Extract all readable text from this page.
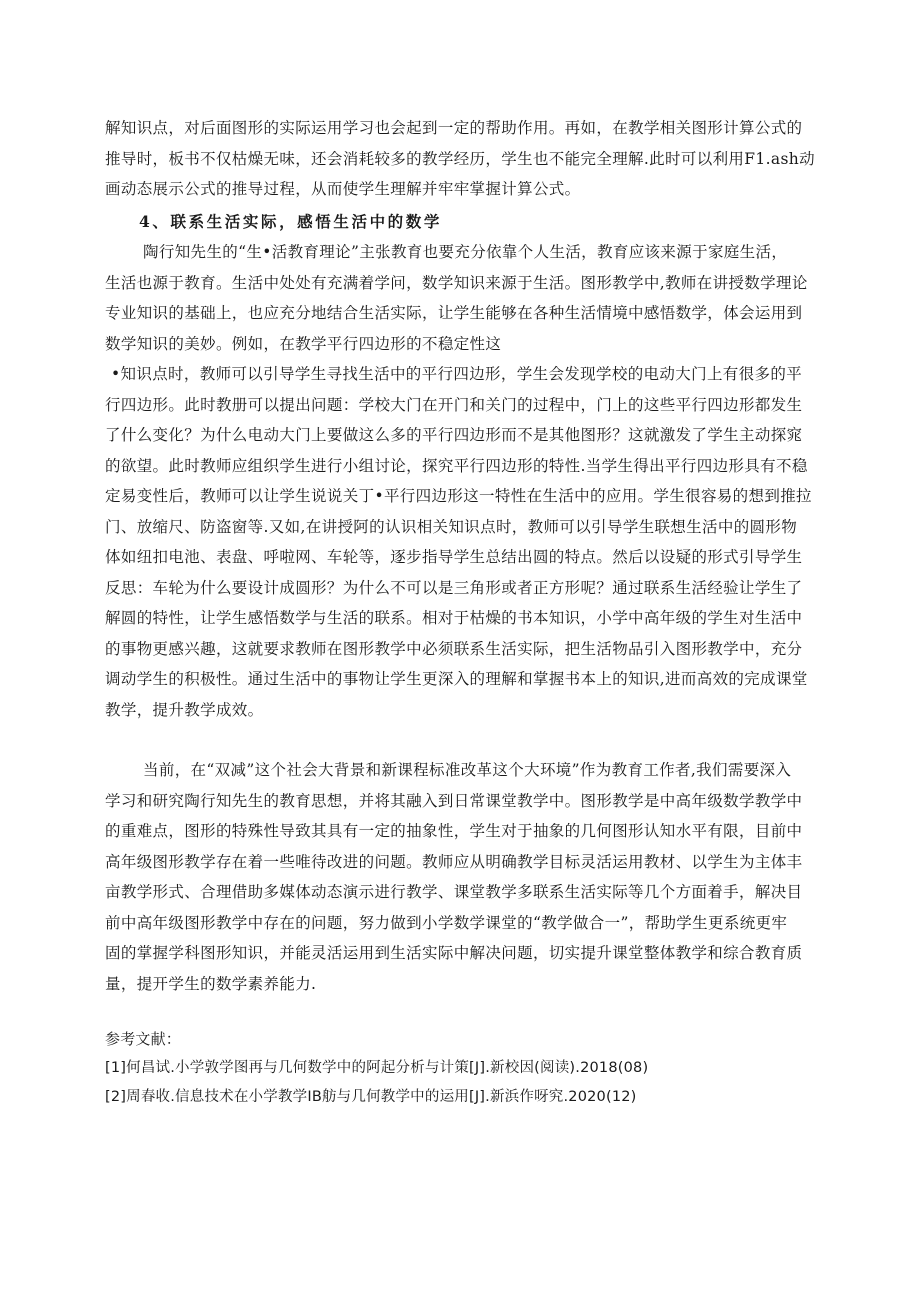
解知识点，对后面图形的实际运用学习也会起到一定的帮助作用。再如，在教学相关图形计算公式的
推导时，板书不仅枯燥无味，还会消耗较多的教学经历，学生也不能完全理解.此时可以利用F1.ash动
画动态展示公式的推导过程，从而使学生理解并牢牢掌握计算公式。
4、联系生活实际，感悟生活中的数学
陶行知先生的“生•活教育理论”主张教育也要充分依靠个人生活，教育应该来源于家庭生活，
生活也源于教育。生活中处处有充满着学问，数学知识来源于生活。图形教学中,教师在讲授数学理论
专业知识的基础上，也应充分地结合生活实际，让学生能够在各种生活情境中感悟数学，体会运用到
数学知识的美妙。例如，在教学平行四边形的不稳定性这
•知识点时，教师可以引导学生寻找生活中的平行四边形，学生会发现学校的电动大门上有很多的平
行四边形。此时教册可以提出问题：学校大门在开门和关门的过程中，门上的这些平行四边形都发生
了什么变化？为什么电动大门上要做这么多的平行四边形而不是其他图形？这就激发了学生主动探窕
的欲望。此时教师应组织学生进行小组讨论，探究平行四边形的特性.当学生得出平行四边形具有不稳
定易变性后，教师可以让学生说说关丁•平行四边形这一特性在生活中的应用。学生很容易的想到推拉
门、放缩尺、防盗窗等.又如,在讲授阿的认识相关知识点时，教师可以引导学生联想生活中的圆形物
体如纽扣电池、表盘、呼啦网、车轮等，逐步指导学生总结出圆的特点。然后以设疑的形式引导学生
反思：车轮为什么要设计成圆形？为什么不可以是三角形或者正方形呢？通过联系生活经验让学生了
解圆的特性，让学生感悟数学与生活的联系。相对于枯燥的书本知识，小学中高年级的学生对生活中
的事物更感兴趣，这就要求教师在图形教学中必须联系生活实际，把生活物品引入图形教学中，充分
调动学生的积极性。通过生活中的事物让学生更深入的理解和掌握书本上的知识,进而高效的完成课堂
教学，提升教学成效。
当前，在“双减”这个社会大背景和新课程标准改革这个大环境”作为教育工作者,我们需要深入
学习和研究陶行知先生的教育思想，并将其融入到日常课堂教学中。图形教学是中高年级数学教学中
的重难点，图形的特殊性导致其具有一定的抽象性，学生对于抽象的几何图形认知水平有限，目前中
高年级图形教学存在着一些唯待改进的问题。教师应从明确教学目标灵活运用教材、以学生为主体丰
亩教学形式、合理借助多媒体动态演示进行教学、课堂教学多联系生活实际等几个方面着手，解决目
前中高年级图形教学中存在的问题，努力做到小学数学课堂的“教学做合一”，帮助学生更系统更牢
固的掌握学科图形知识，并能灵活运用到生活实际中解决问题，切实提升课堂整体教学和综合教育质
量，提开学生的数学素养能力.
参考文献：
[1]何昌试.小学敦学图再与几何数学中的阿起分析与计策[J].新校因(阅读).2018(08)
[2]周春收.信息技术在小学教学IB舫与几何教学中的运用[J].新浜作呀究.2020(12)
